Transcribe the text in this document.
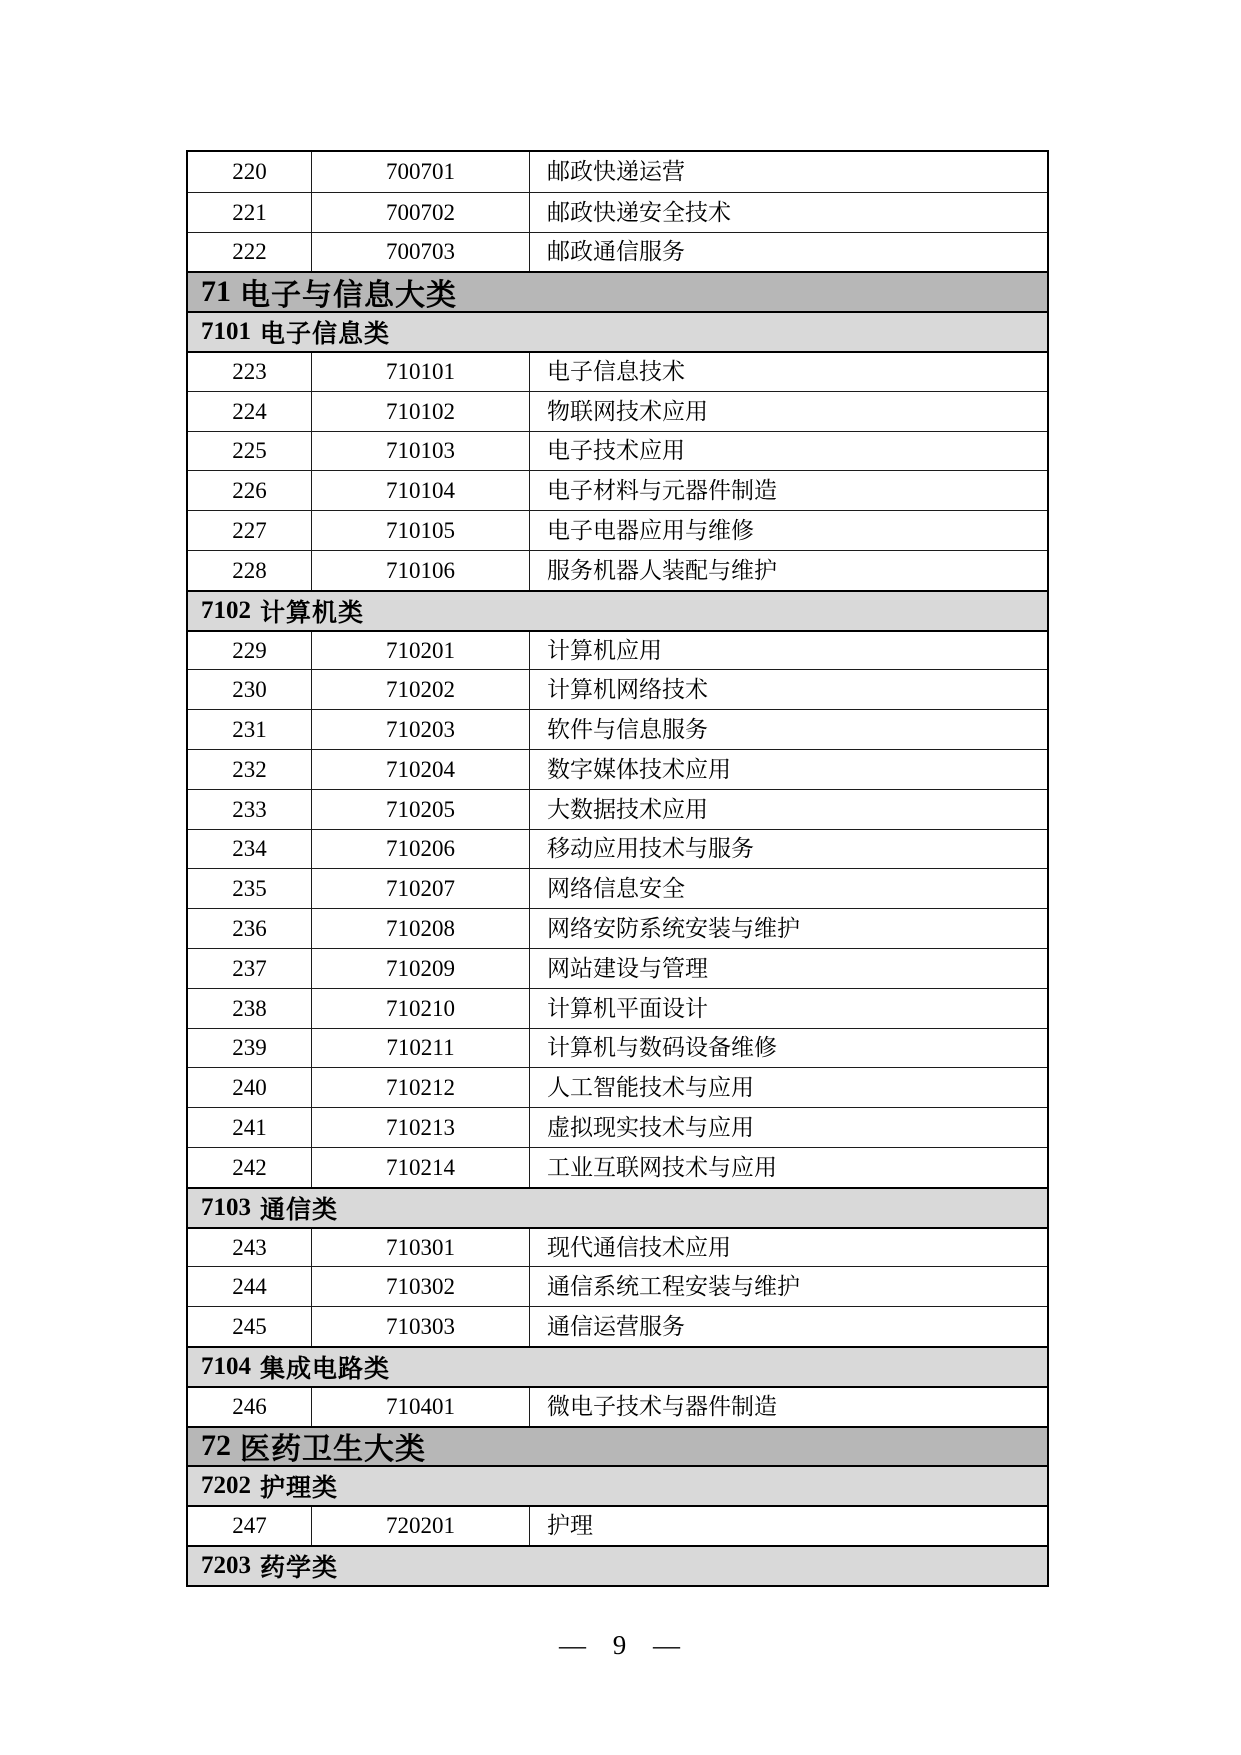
220	700701	邮政快递运营
221	700702	邮政快递安全技术
222	700703	邮政通信服务
71 电子与信息大类
7101 电子信息类
223	710101	电子信息技术
224	710102	物联网技术应用
225	710103	电子技术应用
226	710104	电子材料与元器件制造
227	710105	电子电器应用与维修
228	710106	服务机器人装配与维护
7102 计算机类
229	710201	计算机应用
230	710202	计算机网络技术
231	710203	软件与信息服务
232	710204	数字媒体技术应用
233	710205	大数据技术应用
234	710206	移动应用技术与服务
235	710207	网络信息安全
236	710208	网络安防系统安装与维护
237	710209	网站建设与管理
238	710210	计算机平面设计
239	710211	计算机与数码设备维修
240	710212	人工智能技术与应用
241	710213	虚拟现实技术与应用
242	710214	工业互联网技术与应用
7103 通信类
243	710301	现代通信技术应用
244	710302	通信系统工程安装与维护
245	710303	通信运营服务
7104 集成电路类
246	710401	微电子技术与器件制造
72 医药卫生大类
7202 护理类
247	720201	护理
7203 药学类
— 9 —
